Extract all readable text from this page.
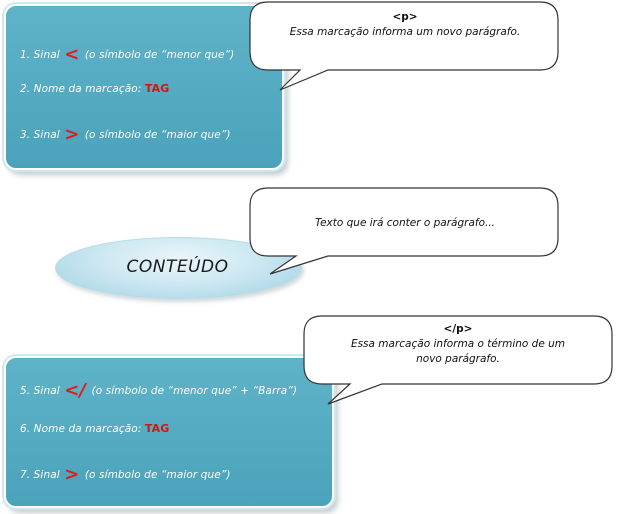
1. Sinal < (o símbolo de “menor que”)
2. Nome da marcação: TAG
3. Sinal > (o símbolo de “maior que”)
<p>
Essa marcação informa um novo parágrafo.
CONTEÚDO
Texto que irá conter o parágrafo...
5. Sinal </ (o símbolo de “menor que” + “Barra”)
6. Nome da marcação: TAG
7. Sinal > (o símbolo de “maior que”)
</p>
Essa marcação informa o término de um
novo parágrafo.
